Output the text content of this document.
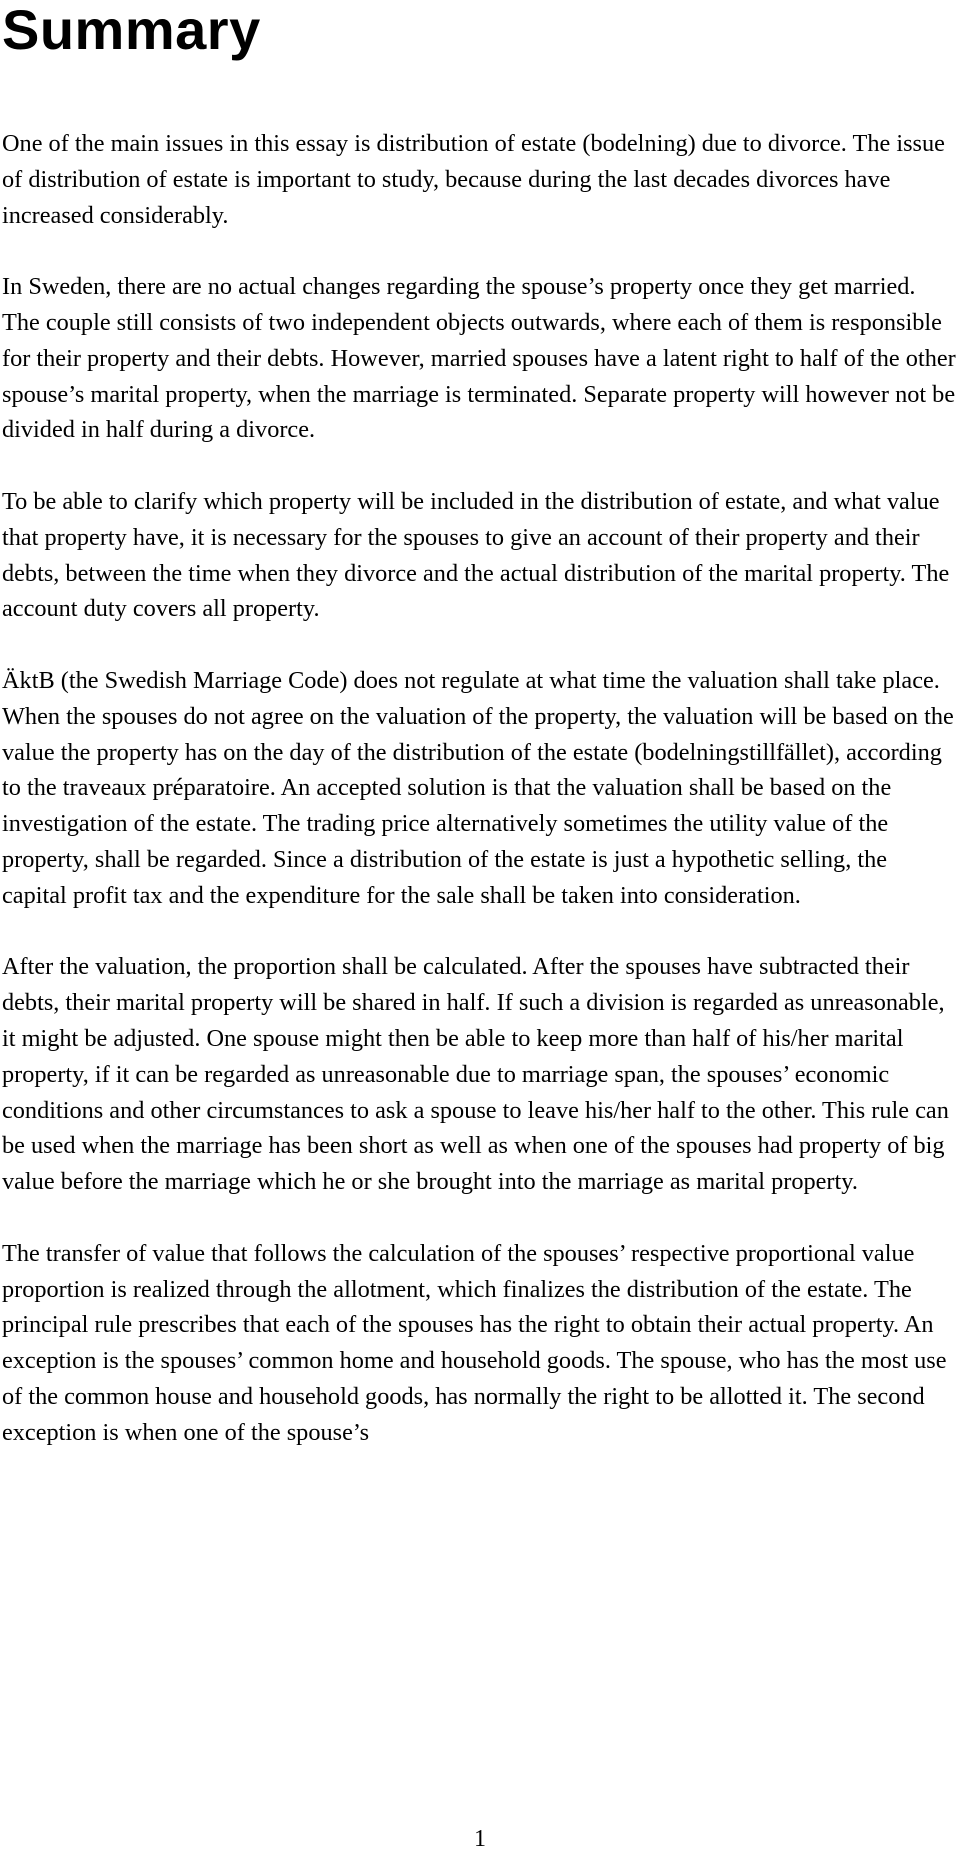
Summary

One of the main issues in this essay is distribution of estate (bodelning) due to divorce. The issue of distribution of estate is important to study, because during the last decades divorces have increased considerably.

In Sweden, there are no actual changes regarding the spouse’s property once they get married. The couple still consists of two independent objects outwards, where each of them is responsible for their property and their debts. However, married spouses have a latent right to half of the other spouse’s marital property, when the marriage is terminated. Separate property will however not be divided in half during a divorce.

To be able to clarify which property will be included in the distribution of estate, and what value that property have, it is necessary for the spouses to give an account of their property and their debts, between the time when they divorce and the actual distribution of the marital property. The account duty covers all property.

ÄktB (the Swedish Marriage Code) does not regulate at what time the valuation shall take place. When the spouses do not agree on the valuation of the property, the valuation will be based on the value the property has on the day of the distribution of the estate (bodelningstillfället), according to the traveaux préparatoire. An accepted solution is that the valuation shall be based on the investigation of the estate. The trading price alternatively sometimes the utility value of the property, shall be regarded. Since a distribution of the estate is just a hypothetic selling, the capital profit tax and the expenditure for the sale shall be taken into consideration.

After the valuation, the proportion shall be calculated. After the spouses have subtracted their debts, their marital property will be shared in half. If such a division is regarded as unreasonable, it might be adjusted. One spouse might then be able to keep more than half of his/her marital property, if it can be regarded as unreasonable due to marriage span, the spouses’ economic conditions and other circumstances to ask a spouse to leave his/her half to the other. This rule can be used when the marriage has been short as well as when one of the spouses had property of big value before the marriage which he or she brought into the marriage as marital property.

The transfer of value that follows the calculation of the spouses’ respective proportional value proportion is realized through the allotment, which finalizes the distribution of the estate. The principal rule prescribes that each of the spouses has the right to obtain their actual property. An exception is the spouses’ common home and household goods. The spouse, who has the most use of the common house and household goods, has normally the right to be allotted it. The second exception is when one of the spouse’s

1
